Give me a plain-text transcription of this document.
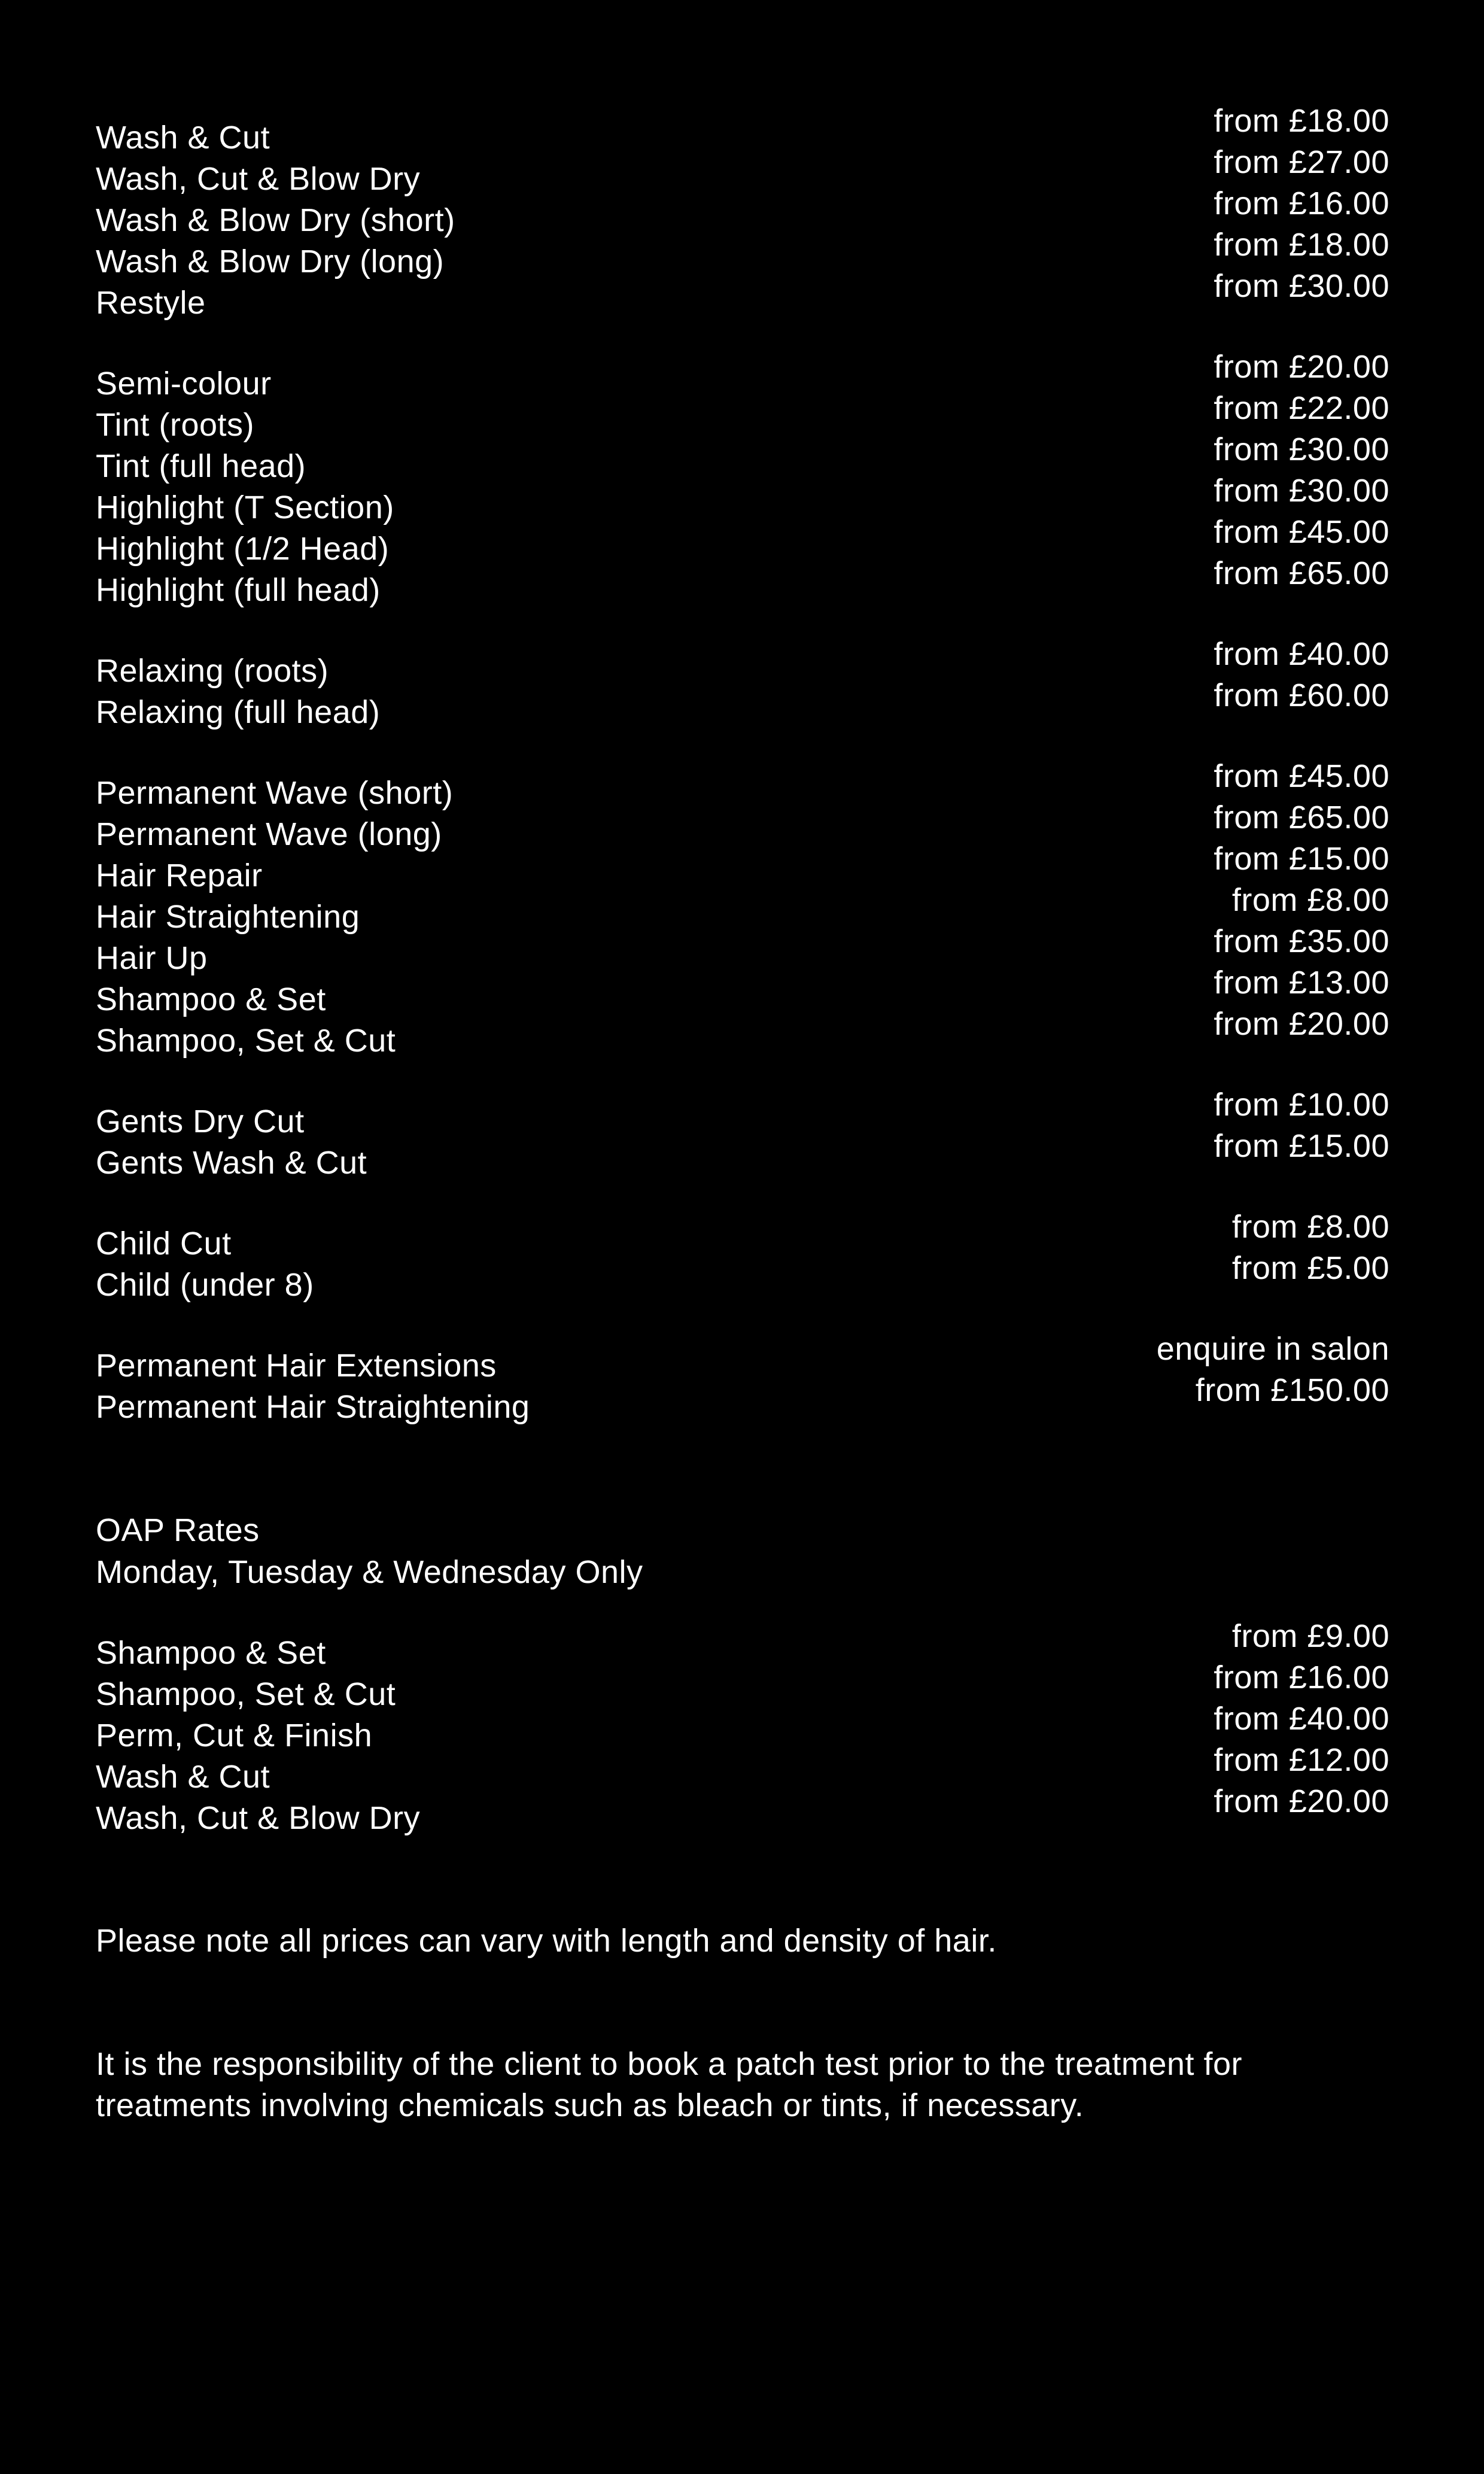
Wash & Cut	from £18.00
Wash, Cut & Blow Dry	from £27.00
Wash & Blow Dry (short)	from £16.00
Wash & Blow Dry (long)	from £18.00
Restyle	from £30.00
Semi-colour	from £20.00
Tint (roots)	from £22.00
Tint (full head)	from £30.00
Highlight (T Section)	from £30.00
Highlight (1/2 Head)	from £45.00
Highlight (full head)	from £65.00
Relaxing (roots)	from £40.00
Relaxing (full head)	from £60.00
Permanent Wave (short)	from £45.00
Permanent Wave (long)	from £65.00
Hair Repair	from £15.00
Hair Straightening	from £8.00
Hair Up	from £35.00
Shampoo & Set	from £13.00
Shampoo, Set & Cut	from £20.00
Gents Dry Cut	from £10.00
Gents Wash & Cut	from £15.00
Child Cut	from £8.00
Child (under 8)	from £5.00
Permanent Hair Extensions	enquire in salon
Permanent Hair Straightening	from £150.00
OAP Rates
Monday, Tuesday & Wednesday Only
Shampoo & Set	from £9.00
Shampoo, Set & Cut	from £16.00
Perm, Cut & Finish	from £40.00
Wash & Cut	from £12.00
Wash, Cut & Blow Dry	from £20.00
Please note all prices can vary with length and density of hair.
It is the responsibility of the client to book a patch test prior to the treatment for treatments involving chemicals such as bleach or tints, if necessary.
